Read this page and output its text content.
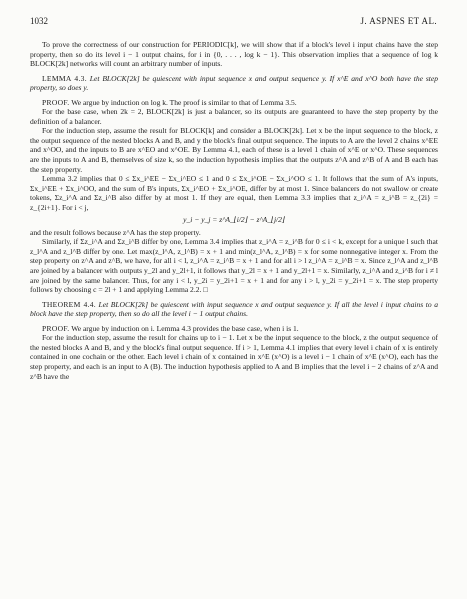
1032	J. ASPNES ET AL.

To prove the correctness of our construction for PERIODIC[k], we will show that if a block's level i input chains have the step property, then so do its level i − 1 output chains, for i in {0, . . . , log k − 1}. This observation implies that a sequence of log k BLOCK[2k] networks will count an arbitrary number of inputs.

LEMMA 4.3. Let BLOCK[2k] be quiescent with input sequence x and output sequence y. If x^E and x^O both have the step property, so does y.

PROOF. We argue by induction on log k. The proof is similar to that of Lemma 3.5.

For the base case, when 2k = 2, BLOCK[2k] is just a balancer, so its outputs are guaranteed to have the step property by the definition of a balancer.

For the induction step, assume the result for BLOCK[k] and consider a BLOCK[2k]. Let x be the input sequence to the block, z the output sequence of the nested blocks A and B, and y the block's final output sequence. The inputs to A are the level 2 chains x^EE and x^OO, and the inputs to B are x^EO and x^OE. By Lemma 4.1, each of these is a level 1 chain of x^E or x^O. These sequences are the inputs to A and B, themselves of size k, so the induction hypothesis implies that the outputs z^A and z^B of A and B each has the step property.

Lemma 3.2 implies that 0 ≤ Σx_i^EE − Σx_i^EO ≤ 1 and 0 ≤ Σx_i^OE − Σx_i^OO ≤ 1. It follows that the sum of A's inputs, Σx_i^EE + Σx_i^OO, and the sum of B's inputs, Σx_i^EO + Σx_i^OE, differ by at most 1. Since balancers do not swallow or create tokens, Σz_i^A and Σz_i^B also differ by at most 1. If they are equal, then Lemma 3.3 implies that z_i^A = z_i^B = z_{2i} = z_{2i+1}. For i < j,

y_i − y_j = z^A_⌊i/2⌋ − z^A_⌊j/2⌋

and the result follows because z^A has the step property.

Similarly, if Σz_i^A and Σz_i^B differ by one, Lemma 3.4 implies that z_i^A = z_i^B for 0 ≤ i < k, except for a unique l such that z_l^A and z_l^B differ by one. Let max(z_l^A, z_l^B) = x + 1 and min(z_l^A, z_l^B) = x for some nonnegative integer x. From the step property on z^A and z^B, we have, for all i < l, z_i^A = z_i^B = x + 1 and for all i > l z_i^A = z_i^B = x. Since z_l^A and z_l^B are joined by a balancer with outputs y_2l and y_2l+1, it follows that y_2l = x + 1 and y_2l+1 = x. Similarly, z_i^A and z_i^B for i ≠ l are joined by the same balancer. Thus, for any i < l, y_2i = y_2i+1 = x + 1 and for any i > l, y_2i = y_2i+1 = x. The step property follows by choosing c = 2l + 1 and applying Lemma 2.2. □

THEOREM 4.4. Let BLOCK[2k] be quiescent with input sequence x and output sequence y. If all the level i input chains to a block have the step property, then so do all the level i − 1 output chains.

PROOF. We argue by induction on i. Lemma 4.3 provides the base case, when i is 1.

For the induction step, assume the result for chains up to i − 1. Let x be the input sequence to the block, z the output sequence of the nested blocks A and B, and y the block's final output sequence. If i > 1, Lemma 4.1 implies that every level i chain of x is entirely contained in one cochain or the other. Each level i chain of x contained in x^E (x^O) is a level i − 1 chain of x^E (x^O), each has the step property, and each is an input to A (B). The induction hypothesis applied to A and B implies that the level i − 2 chains of z^A and z^B have the
